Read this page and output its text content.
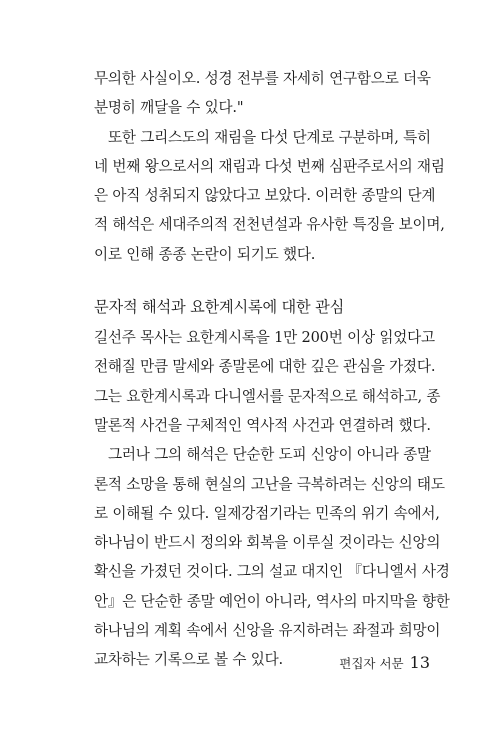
무의한 사실이오. 성경 전부를 자세히 연구함으로 더욱

분명히 깨달을 수 있다."

또한 그리스도의 재림을 다섯 단계로 구분하며, 특히

네 번째 왕으로서의 재림과 다섯 번째 심판주로서의 재림

은 아직 성취되지 않았다고 보았다. 이러한 종말의 단계

적 해석은 세대주의적 전천년설과 유사한 특징을 보이며,

이로 인해 종종 논란이 되기도 했다.

문자적 해석과 요한계시록에 대한 관심

길선주 목사는 요한계시록을 1만 200번 이상 읽었다고

전해질 만큼 말세와 종말론에 대한 깊은 관심을 가졌다.

그는 요한계시록과 다니엘서를 문자적으로 해석하고, 종

말론적 사건을 구체적인 역사적 사건과 연결하려 했다.

그러나 그의 해석은 단순한 도피 신앙이 아니라 종말

론적 소망을 통해 현실의 고난을 극복하려는 신앙의 태도

로 이해될 수 있다. 일제강점기라는 민족의 위기 속에서,

하나님이 반드시 정의와 회복을 이루실 것이라는 신앙의

확신을 가졌던 것이다. 그의 설교 대지인 『다니엘서 사경

안』은 단순한 종말 예언이 아니라, 역사의 마지막을 향한

하나님의 계획 속에서 신앙을 유지하려는 좌절과 희망이

교차하는 기록으로 볼 수 있다.	편집자 서문 13
